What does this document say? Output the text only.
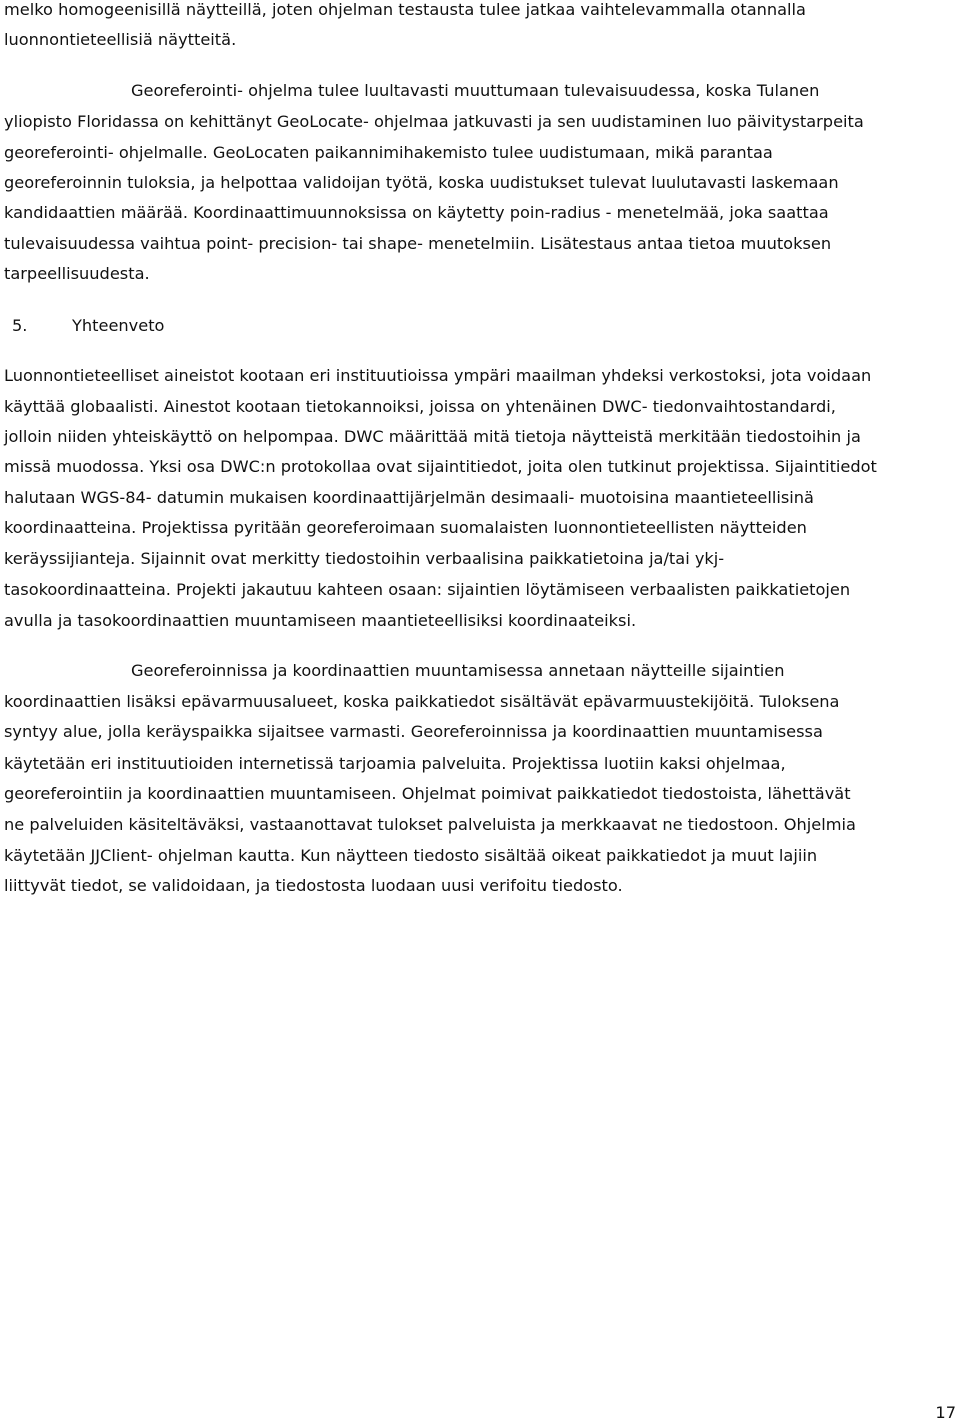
melko homogeenisillä näytteillä, joten ohjelman testausta tulee jatkaa vaihtelevammalla otannalla
luonnontieteellisiä näytteitä.
Georeferointi- ohjelma tulee luultavasti muuttumaan tulevaisuudessa, koska Tulanen
yliopisto Floridassa on kehittänyt GeoLocate- ohjelmaa jatkuvasti ja sen uudistaminen luo päivitystarpeita
georeferointi- ohjelmalle. GeoLocaten paikannimihakemisto tulee uudistumaan, mikä parantaa
georeferoinnin tuloksia, ja helpottaa validoijan työtä, koska uudistukset tulevat luulutavasti laskemaan
kandidaattien määrää. Koordinaattimuunnoksissa on käytetty poin-radius - menetelmää, joka saattaa
tulevaisuudessa vaihtua point- precision- tai shape- menetelmiin. Lisätestaus antaa tietoa muutoksen
tarpeellisuudesta.
5.	Yhteenveto
Luonnontieteelliset aineistot kootaan eri instituutioissa ympäri maailman yhdeksi verkostoksi, jota voidaan
käyttää globaalisti. Ainestot kootaan tietokannoiksi, joissa on yhtenäinen DWC- tiedonvaihtostandardi,
jolloin niiden yhteiskäyttö on helpompaa. DWC määrittää mitä tietoja näytteistä merkitään tiedostoihin ja
missä muodossa. Yksi osa DWC:n protokollaa ovat sijaintitiedot, joita olen tutkinut projektissa. Sijaintitiedot
halutaan WGS-84- datumin mukaisen koordinaattijärjelmän desimaali- muotoisina maantieteellisinä
koordinaatteina. Projektissa pyritään georeferoimaan suomalaisten luonnontieteellisten näytteiden
keräyssijianteja. Sijainnit ovat merkitty tiedostoihin verbaalisina paikkatietoina ja/tai ykj-
tasokoordinaatteina. Projekti jakautuu kahteen osaan: sijaintien löytämiseen verbaalisten paikkatietojen
avulla ja tasokoordinaattien muuntamiseen maantieteellisiksi koordinaateiksi.
Georeferoinnissa ja koordinaattien muuntamisessa annetaan näytteille sijaintien
koordinaattien lisäksi epävarmuusalueet, koska paikkatiedot sisältävät epävarmuustekijöitä. Tuloksena
syntyy alue, jolla keräyspaikka sijaitsee varmasti. Georeferoinnissa ja koordinaattien muuntamisessa
käytetään eri instituutioiden internetissä tarjoamia palveluita. Projektissa luotiin kaksi ohjelmaa,
georeferointiin ja koordinaattien muuntamiseen. Ohjelmat poimivat paikkatiedot tiedostoista, lähettävät
ne palveluiden käsiteltäväksi, vastaanottavat tulokset palveluista ja merkkaavat ne tiedostoon. Ohjelmia
käytetään JJClient- ohjelman kautta. Kun näytteen tiedosto sisältää oikeat paikkatiedot ja muut lajiin
liittyvät tiedot, se validoidaan, ja tiedostosta luodaan uusi verifoitu tiedosto.
17
